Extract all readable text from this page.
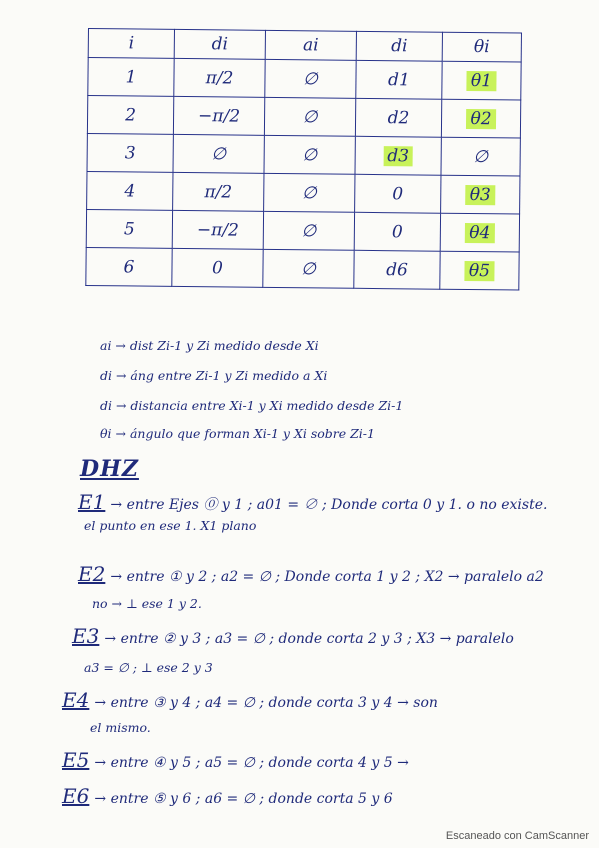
i	di	ai	di	θi
1	π/2	∅	d1	θ1
2	−π/2	∅	d2	θ2
3	∅	∅	d3	∅
4	π/2	∅	0	θ3
5	−π/2	∅	0	θ4
6	0	∅	d6	θ5
ai → dist Zi-1 y Zi medido desde Xi
di → áng entre Zi-1 y Zi medido a Xi
di → distancia entre Xi-1 y Xi medido desde Zi-1
θi → ángulo que forman Xi-1 y Xi sobre Zi-1
DHZ
E1 → entre Ejes ⓪ y 1 ; a01 = ∅ ; Donde corta 0 y 1. o no existe.
el punto en ese 1. X1 plano
E2 → entre ① y 2 ; a2 = ∅ ; Donde corta 1 y 2 ; X2 → paralelo a2
no → ⊥ ese 1 y 2.
E3 → entre ② y 3 ; a3 = ∅ ; donde corta 2 y 3 ; X3 → paralelo
a3 = ∅ ; ⊥ ese 2 y 3
E4 → entre ③ y 4 ; a4 = ∅ ; donde corta 3 y 4 → son
el mismo.
E5 → entre ④ y 5 ; a5 = ∅ ; donde corta 4 y 5 →
E6 → entre ⑤ y 6 ; a6 = ∅ ; donde corta 5 y 6
Escaneado con CamScanner
